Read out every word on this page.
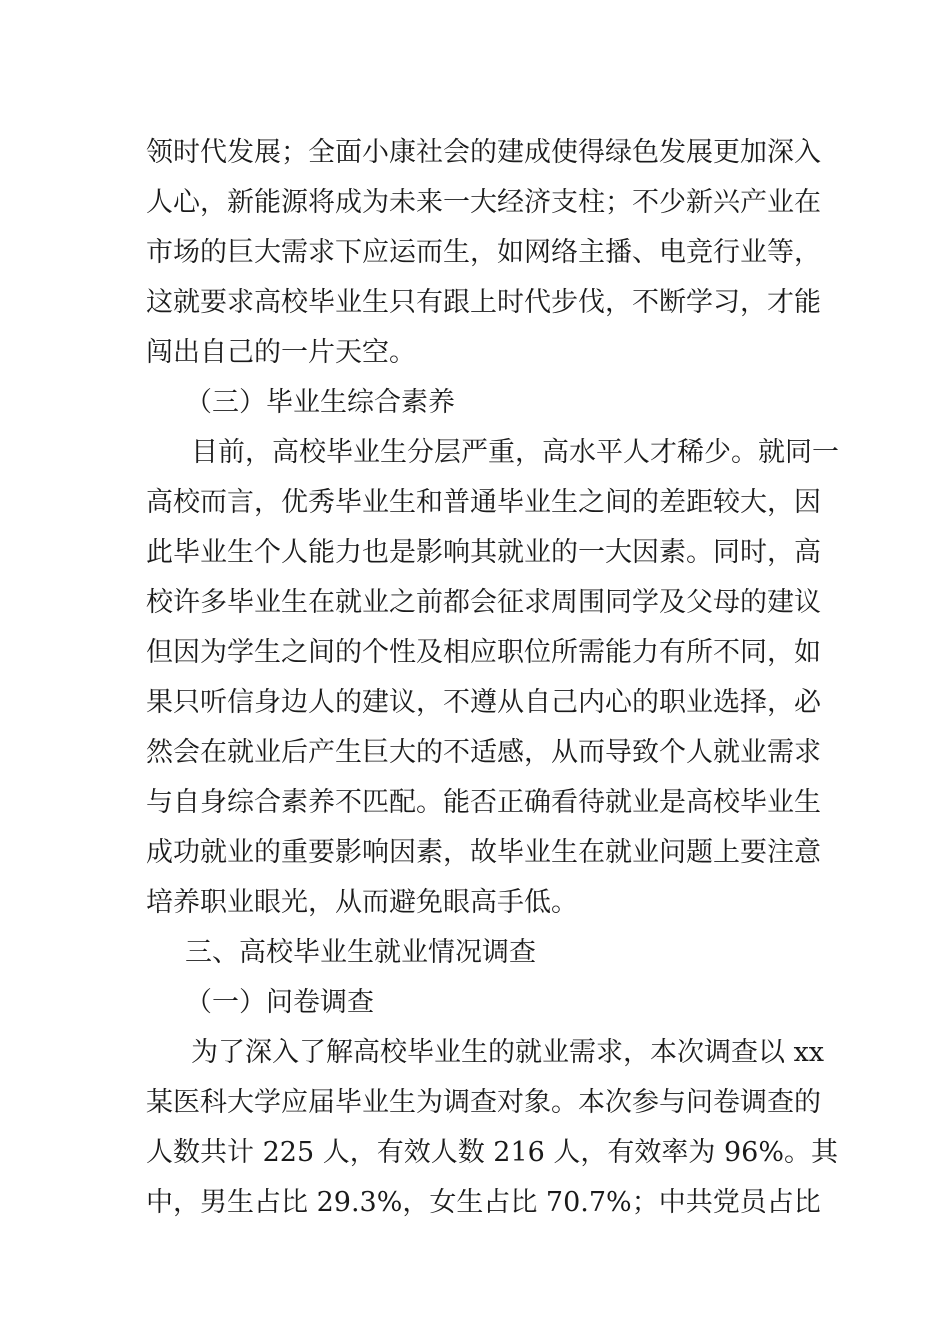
领时代发展；全面小康社会的建成使得绿色发展更加深入
人心，新能源将成为未来一大经济支柱；不少新兴产业在
市场的巨大需求下应运而生，如网络主播、电竞行业等，
这就要求高校毕业生只有跟上时代步伐，不断学习，才能
闯出自己的一片天空。
（三）毕业生综合素养
目前，高校毕业生分层严重，高水平人才稀少。就同一
高校而言，优秀毕业生和普通毕业生之间的差距较大，因
此毕业生个人能力也是影响其就业的一大因素。同时，高
校许多毕业生在就业之前都会征求周围同学及父母的建议
但因为学生之间的个性及相应职位所需能力有所不同，如
果只听信身边人的建议，不遵从自己内心的职业选择，必
然会在就业后产生巨大的不适感，从而导致个人就业需求
与自身综合素养不匹配。能否正确看待就业是高校毕业生
成功就业的重要影响因素，故毕业生在就业问题上要注意
培养职业眼光，从而避免眼高手低。
三、高校毕业生就业情况调查
（一）问卷调查
为了深入了解高校毕业生的就业需求，本次调查以 xx
某医科大学应届毕业生为调查对象。本次参与问卷调查的
人数共计 225 人，有效人数 216 人，有效率为 96%。其
中，男生占比 29.3%，女生占比 70.7%；中共党员占比
